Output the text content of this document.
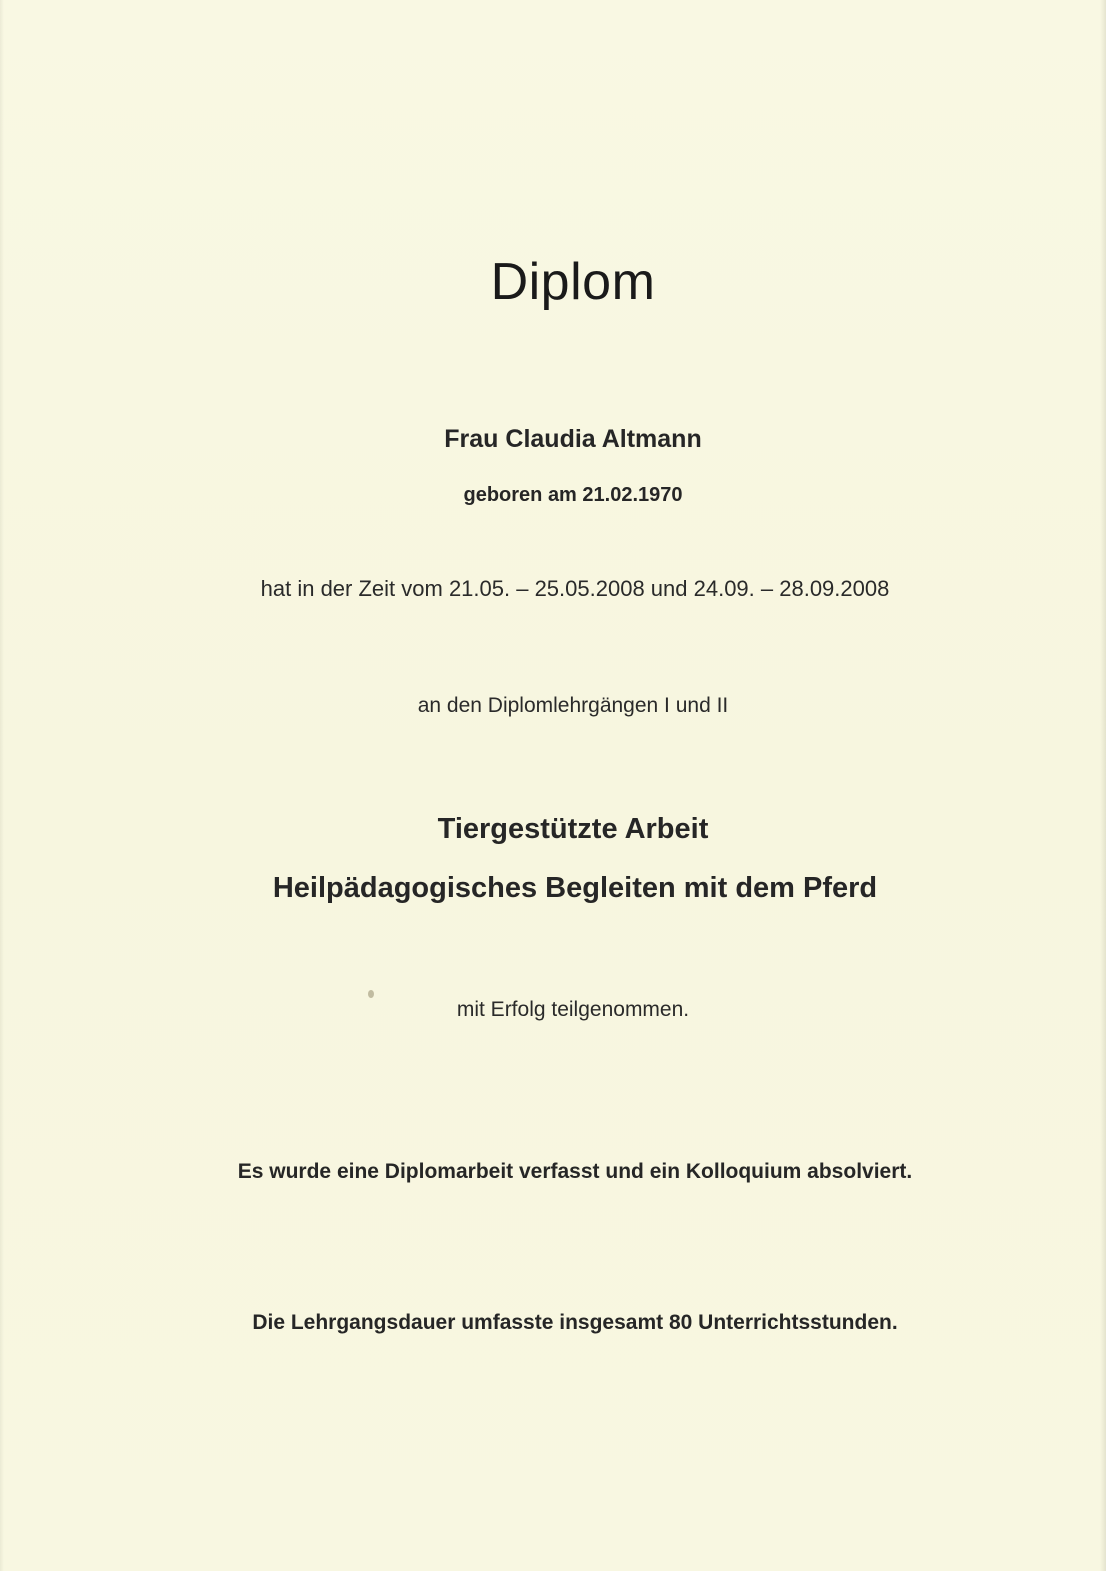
Diplom

Frau Claudia Altmann

geboren am 21.02.1970

hat in der Zeit vom 21.05. – 25.05.2008 und 24.09. – 28.09.2008

an den Diplomlehrgängen I und II

Tiergestützte Arbeit

Heilpädagogisches Begleiten mit dem Pferd

mit Erfolg teilgenommen.

Es wurde eine Diplomarbeit verfasst und ein Kolloquium absolviert.

Die Lehrgangsdauer umfasste insgesamt 80 Unterrichtsstunden.
